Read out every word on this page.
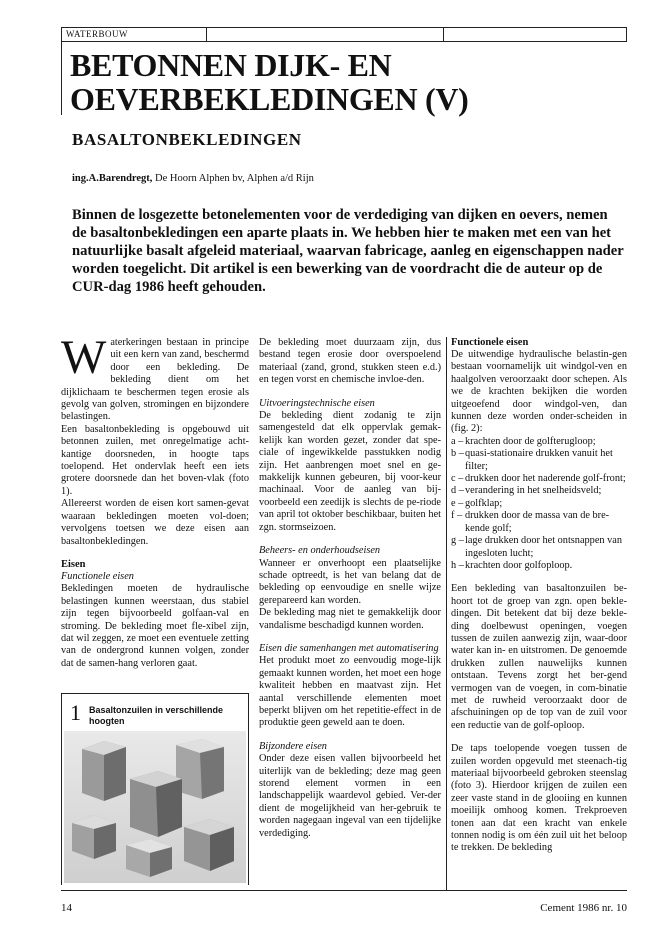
WATERBOUW
BETONNEN DIJK- EN
OEVERBEKLEDINGEN (V)
BASALTONBEKLEDINGEN
ing.A.Barendregt, De Hoorn Alphen bv, Alphen a/d Rijn
Binnen de losgezette betonelementen voor de verdediging van dijken en oevers, nemen de basaltonbekledingen een aparte plaats in. We hebben hier te maken met een van het natuurlijke basalt afgeleid materiaal, waarvan fabricage, aanleg en eigenschappen nader worden toegelicht. Dit artikel is een bewerking van de voordracht die de auteur op de CUR-dag 1986 heeft gehouden.
W aterkeringen bestaan in principe uit een kern van zand, beschermd door een bekleding. De bekleding dient om het dijklichaam te beschermen tegen erosie als gevolg van golven, stromingen en bijzondere belastingen.

Een basaltonbekleding is opgebouwd uit betonnen zuilen, met onregelmatige acht-kantige doorsneden, in hoogte taps toelopend. Het ondervlak heeft een iets grotere doorsnede dan het boven-vlak (foto 1).

Allereerst worden de eisen kort samen-gevat waaraan bekledingen moeten vol-doen; vervolgens toetsen we deze eisen aan basaltonbekledingen.

Eisen

Functionele eisen

Bekledingen moeten de hydraulische belastingen kunnen weerstaan, dus stabiel zijn tegen bijvoorbeeld golfaan-val en stroming. De bekleding moet fle-xibel zijn, dat wil zeggen, ze moet een eventuele zetting van de ondergrond kunnen volgen, zonder dat de samen-hang verloren gaat.

1 Basaltonzuilen in verschillende hoogten

De bekleding moet duurzaam zijn, dus bestand tegen erosie door overspoelend materiaal (zand, grond, stukken steen e.d.) en tegen vorst en chemische invloe-den.

Uitvoeringstechnische eisen

De bekleding dient zodanig te zijn samengesteld dat elk oppervlak gemak-kelijk kan worden gezet, zonder dat spe-ciale of ingewikkelde passtukken nodig zijn. Het aanbrengen moet snel en ge-makkelijk kunnen gebeuren, bij voor-keur machinaal. Voor de aanleg van bij-voorbeeld een zeedijk is slechts de pe-riode van april tot oktober beschikbaar, buiten het zgn. stormseizoen.

Beheers- en onderhoudseisen

Wanneer er onverhoopt een plaatselijke schade optreedt, is het van belang dat de bekleding op eenvoudige en snelle wijze gerepareerd kan worden.

De bekleding mag niet te gemakkelijk door vandalisme beschadigd kunnen worden.

Eisen die samenhangen met automatisering

Het produkt moet zo eenvoudig moge-lijk gemaakt kunnen worden, het moet een hoge kwaliteit hebben en maatvast zijn. Het aantal verschillende elementen moet beperkt blijven om het repetitie-effect in de produktie geen geweld aan te doen.

Bijzondere eisen

Onder deze eisen vallen bijvoorbeeld het uiterlijk van de bekleding; deze mag geen storend element vormen in een landschappelijk waardevol gebied. Ver-der dient de mogelijkheid van her-gebruik te worden nagegaan ingeval van een tijdelijke verdediging.

Functionele eisen

De uitwendige hydraulische belastin-gen bestaan voornamelijk uit windgol-ven en haalgolven veroorzaakt door schepen. Als we de krachten bekijken die worden uitgeoefend door windgol-ven, dan kunnen deze worden onder-scheiden in (fig. 2):

a – krachten door de golfterugloop;
b – quasi-stationaire drukken vanuit het filter;
c – drukken door het naderende golf-front;
d – verandering in het snelheidsveld;
e – golfklap;
f – drukken door de massa van de bre-kende golf;
g – lage drukken door het ontsnappen van ingesloten lucht;
h – krachten door golfoploop.

Een bekleding van basaltonzuilen be-hoort tot de groep van zgn. open bekle-dingen. Dit betekent dat bij deze bekle-ding doelbewust openingen, voegen tussen de zuilen aanwezig zijn, waar-door water kan in- en uitstromen. De genoemde drukken zullen nauwelijks kunnen ontstaan. Tevens zorgt het ber-gend vermogen van de voegen, in com-binatie met de ruwheid veroorzaakt door de afschuiningen op de top van de zuil voor een reductie van de golf-oploop.

De taps toelopende voegen tussen de zuilen worden opgevuld met steenach-tig materiaal bijvoorbeeld gebroken steenslag (foto 3). Hierdoor krijgen de zuilen een zeer vaste stand in de glooiing en kunnen moeilijk omhoog komen. Trekproeven tonen aan dat een kracht van enkele tonnen nodig is om één zuil uit het beloop te trekken. De bekleding

14	Cement 1986 nr. 10
